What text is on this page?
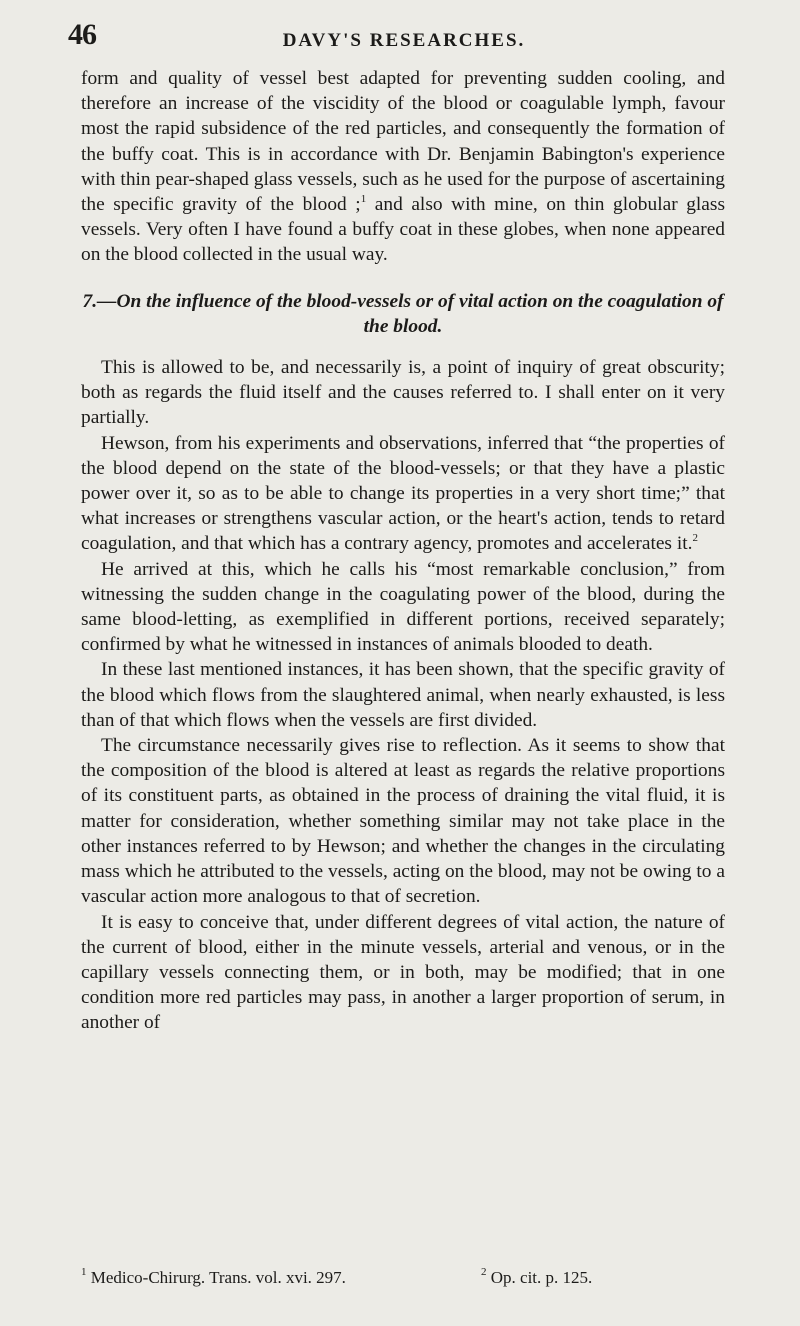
46	DAVY'S RESEARCHES.

form and quality of vessel best adapted for preventing sudden cooling, and therefore an increase of the viscidity of the blood or coagulable lymph, favour most the rapid subsidence of the red particles, and consequently the formation of the buffy coat. This is in accordance with Dr. Benjamin Babington's experience with thin pear-shaped glass vessels, such as he used for the purpose of ascertaining the specific gravity of the blood ;$^1$ and also with mine, on thin globular glass vessels. Very often I have found a buffy coat in these globes, when none appeared on the blood collected in the usual way.

7.—On the influence of the blood-vessels or of vital action on the coagulation of the blood.

This is allowed to be, and necessarily is, a point of inquiry of great obscurity; both as regards the fluid itself and the causes referred to. I shall enter on it very partially.

Hewson, from his experiments and observations, inferred that “the properties of the blood depend on the state of the blood-vessels; or that they have a plastic power over it, so as to be able to change its properties in a very short time;” that what increases or strengthens vascular action, or the heart's action, tends to retard coagulation, and that which has a contrary agency, promotes and accelerates it.$^2$

He arrived at this, which he calls his “most remarkable conclusion,” from witnessing the sudden change in the coagulating power of the blood, during the same blood-letting, as exemplified in different portions, received separately; confirmed by what he witnessed in instances of animals blooded to death.

In these last mentioned instances, it has been shown, that the specific gravity of the blood which flows from the slaughtered animal, when nearly exhausted, is less than of that which flows when the vessels are first divided.

The circumstance necessarily gives rise to reflection. As it seems to show that the composition of the blood is altered at least as regards the relative proportions of its constituent parts, as obtained in the process of draining the vital fluid, it is matter for consideration, whether something similar may not take place in the other instances referred to by Hewson; and whether the changes in the circulating mass which he attributed to the vessels, acting on the blood, may not be owing to a vascular action more analogous to that of secretion.

It is easy to conceive that, under different degrees of vital action, the nature of the current of blood, either in the minute vessels, arterial and venous, or in the capillary vessels connecting them, or in both, may be modified; that in one condition more red particles may pass, in another a larger proportion of serum, in another of

$^1$ Medico-Chirurg. Trans. vol. xvi. 297.	$^2$ Op. cit. p. 125.
